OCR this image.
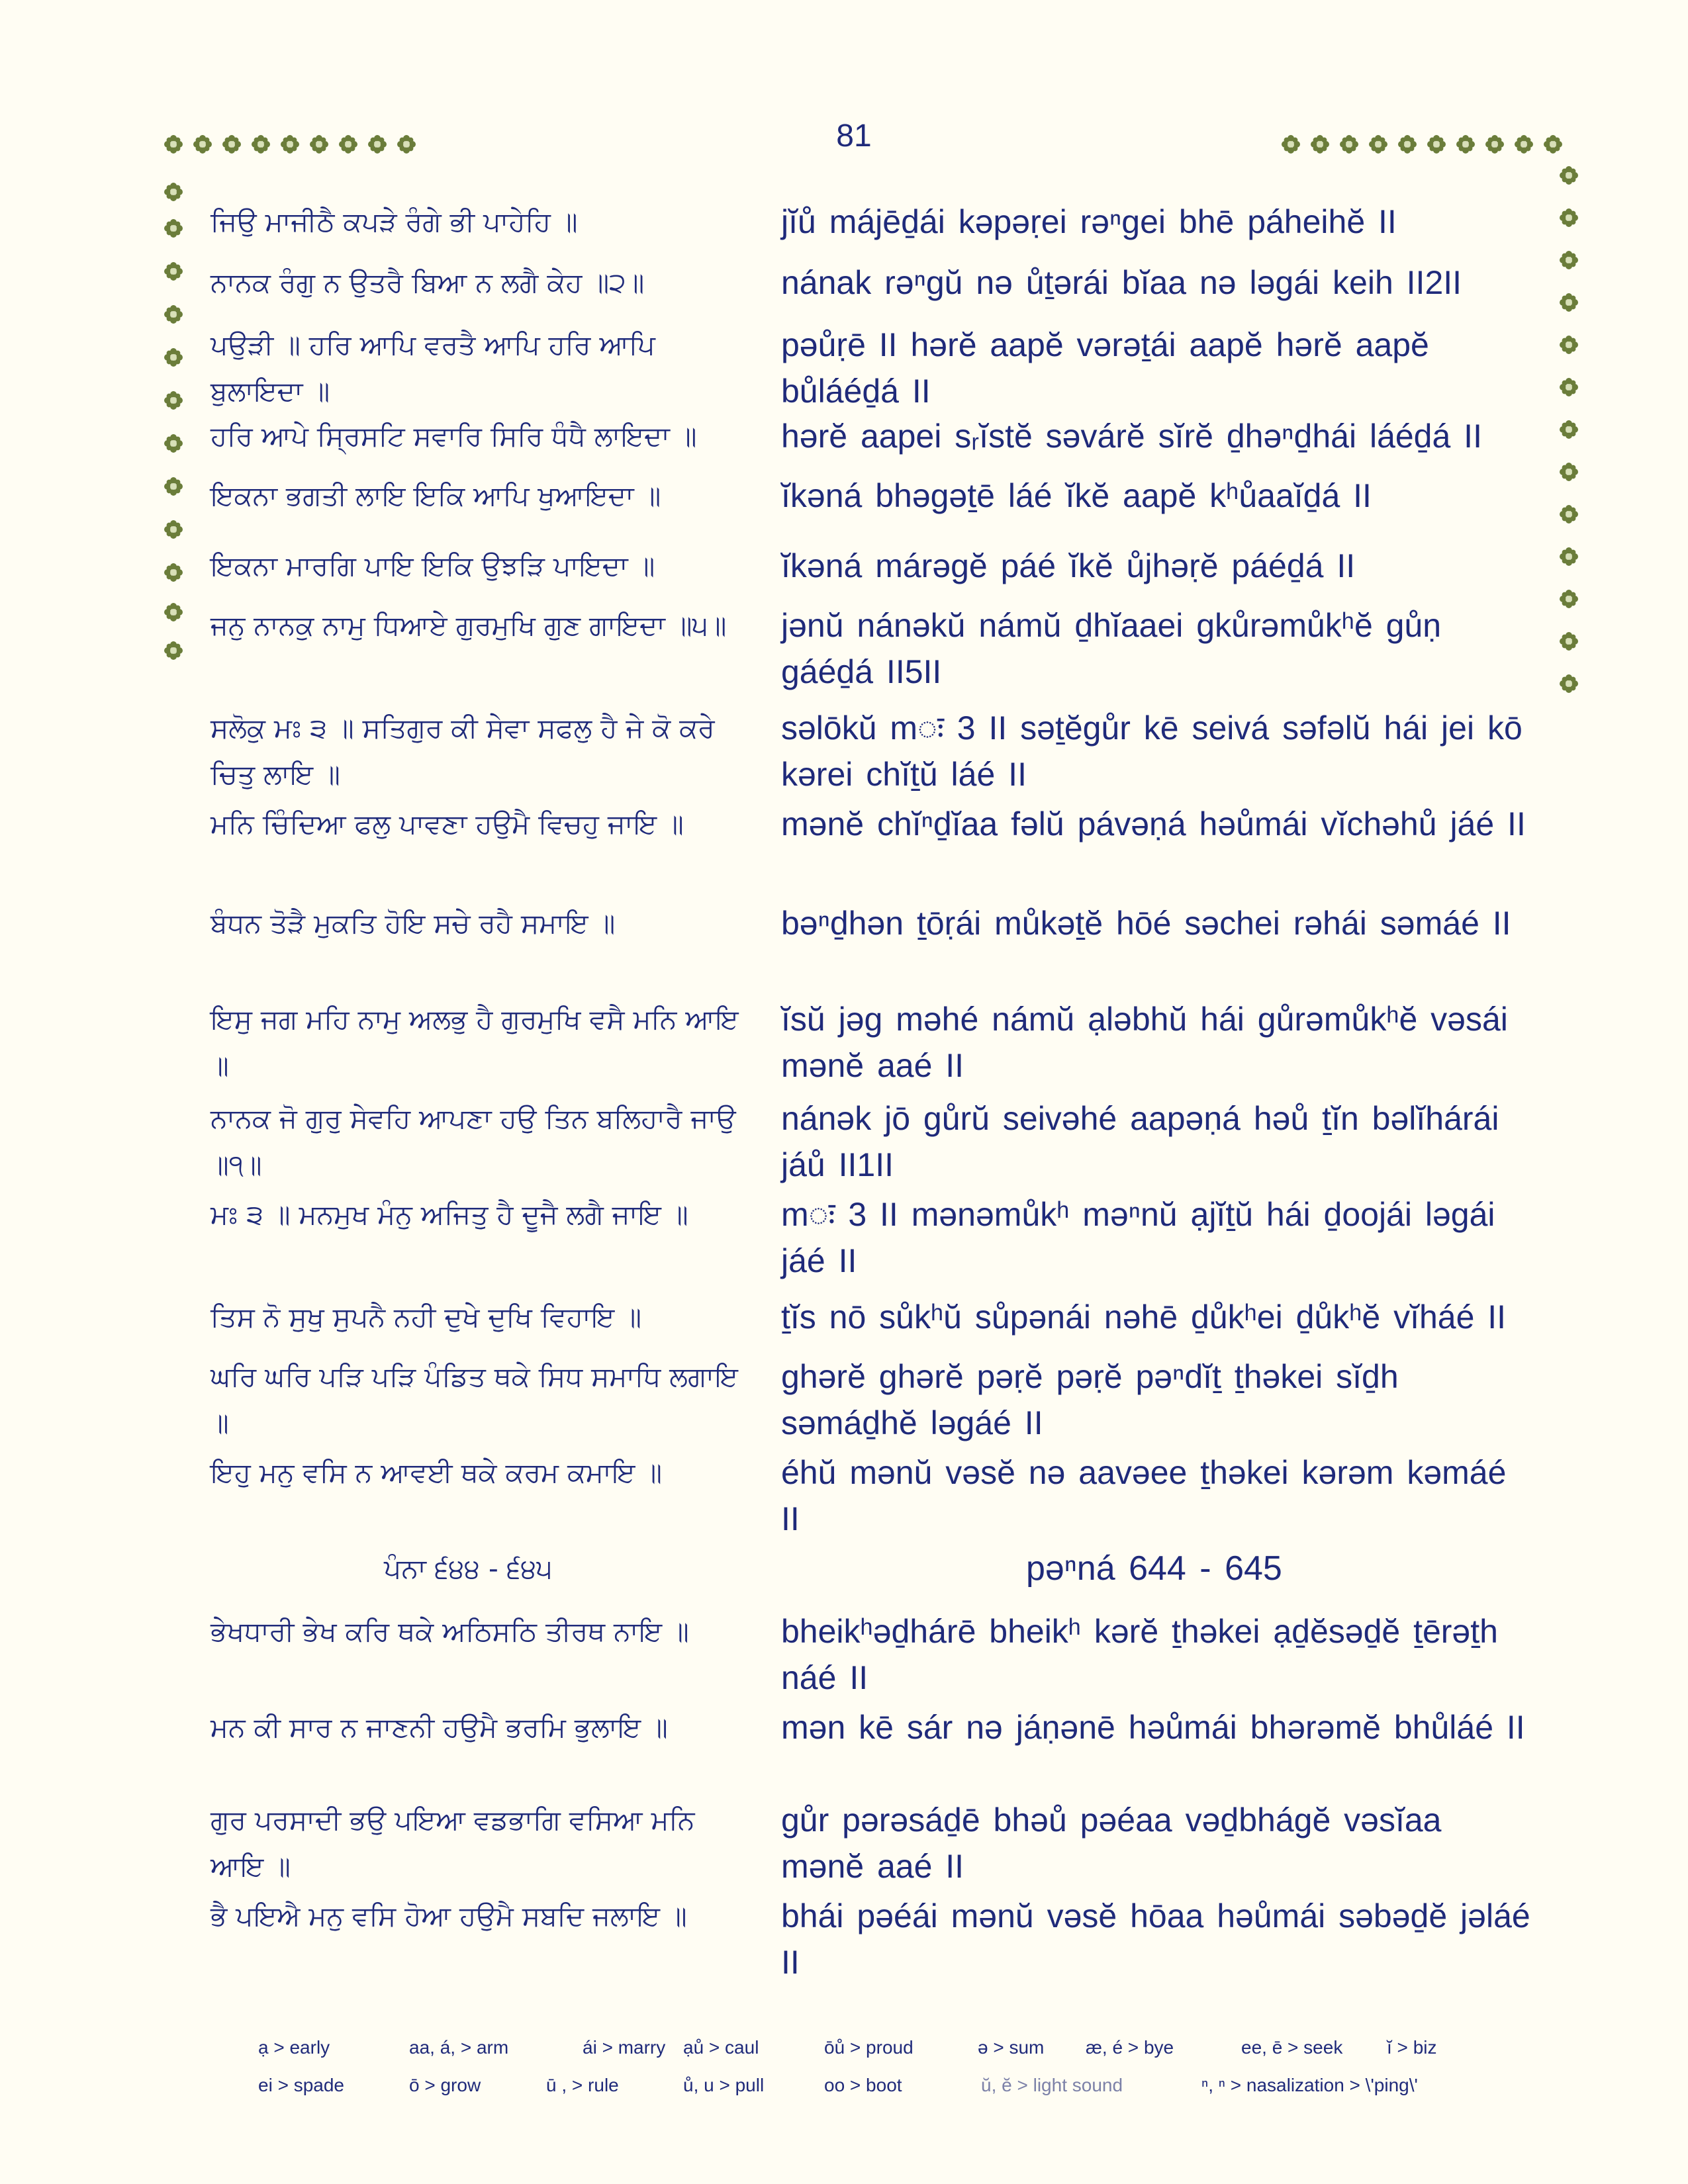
81
ਜਿਉ ਮਾਜੀਠੈ ਕਪੜੇ ਰੰਗੇ ਭੀ ਪਾਹੇਹਿ ॥	jĭů májēḏái kəpəṛei rəⁿgei bhē páheihĕ II
ਨਾਨਕ ਰੰਗੁ ਨ ਉਤਰੈ ਬਿਆ ਨ ਲਗੈ ਕੇਹ ॥੨॥	nának rəⁿgŭ nə ůṯərái bĭaa nə ləgái keih II2II
ਪਉੜੀ ॥ ਹਰਿ ਆਪਿ ਵਰਤੈ ਆਪਿ ਹਰਿ ਆਪਿ ਬੁਲਾਇਦਾ ॥
pəůṛē II hərĕ aapĕ vərəṯái aapĕ hərĕ aapĕ bůláéḏá II
ਹਰਿ ਆਪੇ ਸ੍ਰਿਸਟਿ ਸਵਾਰਿ ਸਿਰਿ ਧੰਧੈ ਲਾਇਦਾ ॥	hərĕ aapei sᵣĭstĕ səvárĕ sĭrĕ ḏhəⁿḏhái láéḏá II
ਇਕਨਾ ਭਗਤੀ ਲਾਇ ਇਕਿ ਆਪਿ ਖੁਆਇਦਾ ॥	ĭkəná bhəgəṯē láé ĭkĕ aapĕ kʰůaaĭḏá II
ਇਕਨਾ ਮਾਰਗਿ ਪਾਇ ਇਕਿ ਉਝੜਿ ਪਾਇਦਾ ॥	ĭkəná márəgĕ páé ĭkĕ ůjhəṛĕ páéḏá II
ਜਨੁ ਨਾਨਕੁ ਨਾਮੁ ਧਿਆਏ ਗੁਰਮੁਖਿ ਗੁਣ ਗਾਇਦਾ ॥੫॥	jənŭ nánəkŭ námŭ ḏhĭaaei gkůrəmůkʰĕ gůṇ gáéḏá II5II
ਸਲੋਕੁ ਮਃ ੩ ॥ ਸਤਿਗੁਰ ਕੀ ਸੇਵਾ ਸਫਲੁ ਹੈ ਜੇ ਕੋ ਕਰੇ ਚਿਤੁ ਲਾਇ ॥
səlōkŭ mः 3 II səṯĕgůr kē seivá səfəlŭ hái jei kō kərei chĭṯŭ láé II
ਮਨਿ ਚਿੰਦਿਆ ਫਲੁ ਪਾਵਣਾ ਹਉਮੈ ਵਿਚਹੁ ਜਾਇ ॥	mənĕ chĭⁿḏĭaa fəlŭ pávəṇá həůmái vĭchəhů jáé II
ਬੰਧਨ ਤੋੜੈ ਮੁਕਤਿ ਹੋਇ ਸਚੇ ਰਹੈ ਸਮਾਇ ॥	bəⁿḏhən ṯōṛái můkəṯĕ hōé səchei rəhái səmáé II
ਇਸੁ ਜਗ ਮਹਿ ਨਾਮੁ ਅਲਭੁ ਹੈ ਗੁਰਮੁਖਿ ਵਸੈ ਮਨਿ ਆਇ ॥
ĭsŭ jəg məhé námŭ ạləbhŭ hái gůrəmůkʰĕ vəsái mənĕ aaé II
ਨਾਨਕ ਜੋ ਗੁਰੁ ਸੇਵਹਿ ਆਪਣਾ ਹਉ ਤਿਨ ਬਲਿਹਾਰੈ ਜਾਉ ॥੧॥
nánək jō gůrŭ seivəhé aapəṇá həů ṯĭn bəlĭhárái jáů II1II
ਮਃ ੩ ॥ ਮਨਮੁਖ ਮੰਨੁ ਅਜਿਤੁ ਹੈ ਦੂਜੈ ਲਗੈ ਜਾਇ ॥	mः 3 II mənəmůkʰ məⁿnŭ ạjĭṯŭ hái ḏoojái ləgái jáé II
ਤਿਸ ਨੋ ਸੁਖੁ ਸੁਪਨੈ ਨਹੀ ਦੁਖੇ ਦੁਖਿ ਵਿਹਾਇ ॥	ṯĭs nō sůkʰŭ sůpənái nəhē ḏůkʰei ḏůkʰĕ vĭháé II
ਘਰਿ ਘਰਿ ਪੜਿ ਪੜਿ ਪੰਡਿਤ ਥਕੇ ਸਿਧ ਸਮਾਧਿ ਲਗਾਇ ॥
ghərĕ ghərĕ pəṛĕ pəṛĕ pəⁿdĭṯ ṯhəkei sĭḏh səmáḏhĕ ləgáé II
ਇਹੁ ਮਨੁ ਵਸਿ ਨ ਆਵਈ ਥਕੇ ਕਰਮ ਕਮਾਇ ॥	éhŭ mənŭ vəsĕ nə aavəee ṯhəkei kərəm kəmáé II
ਪੰਨਾ ੬੪੪ - ੬੪੫	pəⁿná 644 - 645
ਭੇਖਧਾਰੀ ਭੇਖ ਕਰਿ ਥਕੇ ਅਠਿਸਠਿ ਤੀਰਥ ਨਾਇ ॥	bheikʰəḏhárē bheikʰ kərĕ ṯhəkei ạḏĕsəḏĕ ṯērəṯh náé II
ਮਨ ਕੀ ਸਾਰ ਨ ਜਾਣਨੀ ਹਉਮੈ ਭਰਮਿ ਭੁਲਾਇ ॥	mən kē sár nə jáṇənē həůmái bhərəmĕ bhůláé II
ਗੁਰ ਪਰਸਾਦੀ ਭਉ ਪਇਆ ਵਡਭਾਗਿ ਵਸਿਆ ਮਨਿ ਆਇ ॥
gůr pərəsáḏē bhəů pəéaa vəḏbhágĕ vəsĭaa mənĕ aaé II
ਭੈ ਪਇਐ ਮਨੁ ਵਸਿ ਹੋਆ ਹਉਮੈ ਸਬਦਿ ਜਲਾਇ ॥	bhái pəéái mənŭ vəsĕ hōaa həůmái səbəḏĕ jəláé II
ạ > early	aa, á, > arm	ái > marry ạů > caul	ōů > proud	ə > sum æ, é > bye	ee, ē > seek ĭ > biz
ei > spade	ō > grow	ū , > rule	ů, u > pull	oo > boot	ŭ, ĕ > light sound	ⁿ, ⁿ > nasalization > \'ping\'
